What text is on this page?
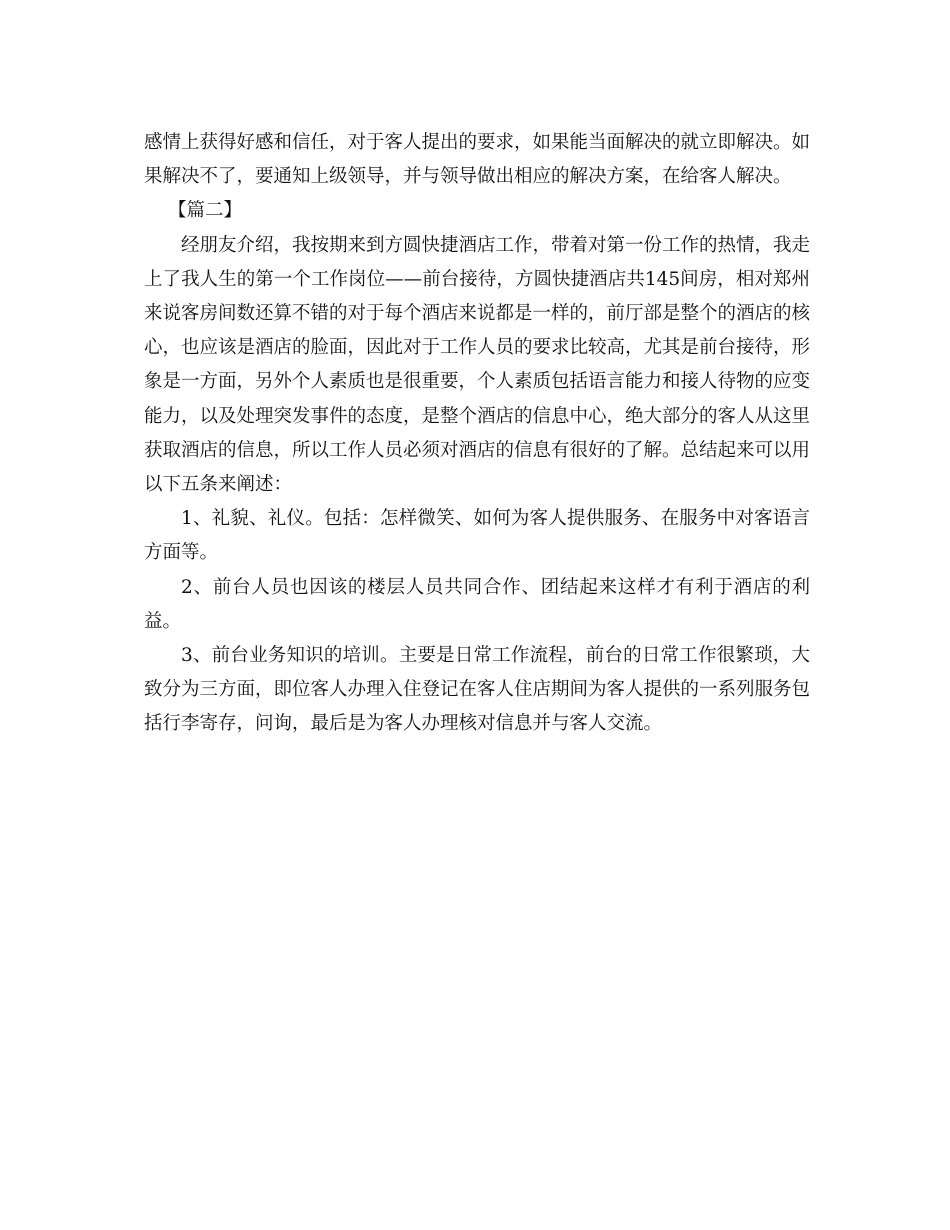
感情上获得好感和信任，对于客人提出的要求，如果能当面解决的就立即解决。如果解决不了，要通知上级领导，并与领导做出相应的解决方案，在给客人解决。

【篇二】

经朋友介绍，我按期来到方圆快捷酒店工作，带着对第一份工作的热情，我走上了我人生的第一个工作岗位——前台接待，方圆快捷酒店共145间房，相对郑州来说客房间数还算不错的对于每个酒店来说都是一样的，前厅部是整个的酒店的核心，也应该是酒店的脸面，因此对于工作人员的要求比较高，尤其是前台接待，形象是一方面，另外个人素质也是很重要，个人素质包括语言能力和接人待物的应变能力，以及处理突发事件的态度，是整个酒店的信息中心，绝大部分的客人从这里获取酒店的信息，所以工作人员必须对酒店的信息有很好的了解。总结起来可以用以下五条来阐述：

1、礼貌、礼仪。包括：怎样微笑、如何为客人提供服务、在服务中对客语言方面等。

2、前台人员也因该的楼层人员共同合作、团结起来这样才有利于酒店的利益。

3、前台业务知识的培训。主要是日常工作流程，前台的日常工作很繁琐，大致分为三方面，即位客人办理入住登记在客人住店期间为客人提供的一系列服务包括行李寄存，问询，最后是为客人办理核对信息并与客人交流。
